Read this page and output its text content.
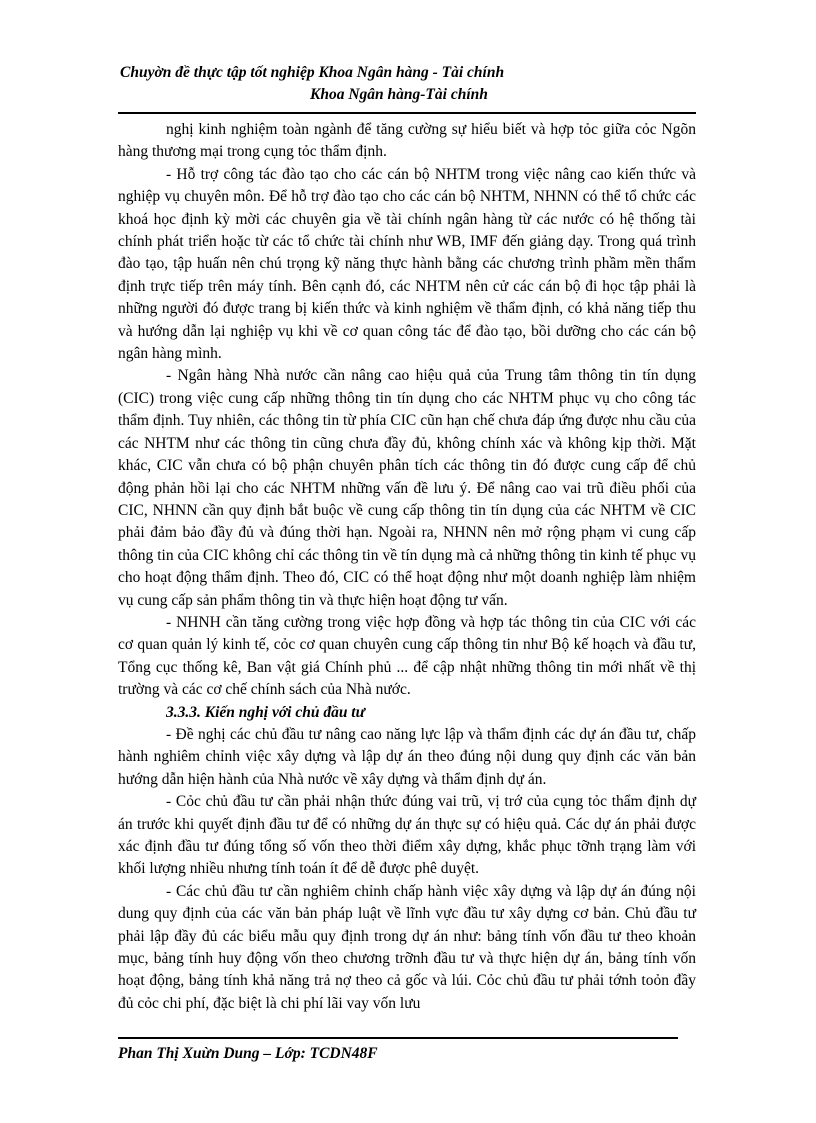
Chuyờn đề thực tập tốt nghiệp Khoa Ngân hàng - Tài chính
Khoa Ngân hàng-Tài chính

nghị kinh nghiệm toàn ngành để tăng cường sự hiểu biết và hợp tỏc giữa cỏc Ngõn hàng thương mại trong cụng tỏc thẩm định.

- Hỗ trợ công tác đào tạo cho các cán bộ NHTM trong việc nâng cao kiến thức và nghiệp vụ chuyên môn. Để hỗ trợ đào tạo cho các cán bộ NHTM, NHNN có thể tổ chức các khoá học định kỳ mời các chuyên gia về tài chính ngân hàng từ các nước có hệ thống tài chính phát triển hoặc từ các tổ chức tài chính như WB, IMF đến giảng dạy. Trong quá trình đào tạo, tập huấn nên chú trọng kỹ năng thực hành bằng các chương trình phầm mền thẩm định trực tiếp trên máy tính. Bên cạnh đó, các NHTM nên cử các cán bộ đi học tập phải là những người đó được trang bị kiến thức và kinh nghiệm về thẩm định, có khả năng tiếp thu và hướng dẫn lại nghiệp vụ khi về cơ quan công tác để đào tạo, bồi dưỡng cho các cán bộ ngân hàng mình.

- Ngân hàng Nhà nước cần nâng cao hiệu quả của Trung tâm thông tin tín dụng (CIC) trong việc cung cấp những thông tin tín dụng cho các NHTM phục vụ cho công tác thẩm định. Tuy nhiên, các thông tin từ phía CIC cũn hạn chế chưa đáp ứng được nhu cầu của các NHTM như các thông tin cũng chưa đầy đủ, không chính xác và không kịp thời. Mặt khác, CIC vẫn chưa có bộ phận chuyên phân tích các thông tin đó được cung cấp để chủ động phản hồi lại cho các NHTM những vấn đề lưu ý. Để nâng cao vai trũ điều phối của CIC, NHNN cần quy định bắt buộc về cung cấp thông tin tín dụng của các NHTM về CIC phải đảm bảo đầy đủ và đúng thời hạn. Ngoài ra, NHNN nên mở rộng phạm vi cung cấp thông tin của CIC không chỉ các thông tin về tín dụng mà cả những thông tin kinh tế phục vụ cho hoạt động thẩm định. Theo đó, CIC có thể hoạt động như một doanh nghiệp làm nhiệm vụ cung cấp sản phẩm thông tin và thực hiện hoạt động tư vấn.

- NHNH cần tăng cường trong việc hợp đồng và hợp tác thông tin của CIC với các cơ quan quản lý kinh tế, cỏc cơ quan chuyên cung cấp thông tin như Bộ kế hoạch và đầu tư, Tổng cục thống kê, Ban vật giá Chính phủ ... để cập nhật những thông tin mới nhất về thị trường và các cơ chế chính sách của Nhà nước.

3.3.3. Kiến nghị với chủ đầu tư

- Đề nghị các chủ đầu tư nâng cao năng lực lập và thẩm định các dự án đầu tư, chấp hành nghiêm chỉnh việc xây dựng và lập dự án theo đúng nội dung quy định các văn bản hướng dẫn hiện hành của Nhà nước về xây dựng và thẩm định dự án.

- Cỏc chủ đầu tư cần phải nhận thức đúng vai trũ, vị trớ của cụng tỏc thẩm định dự án trước khi quyết định đầu tư để có những dự án thực sự có hiệu quả. Các dự án phải được xác định đầu tư đúng tổng số vốn theo thời điểm xây dựng, khắc phục tỡnh trạng làm với khối lượng nhiều nhưng tính toán ít để dễ được phê duyệt.

- Các chủ đầu tư cần nghiêm chỉnh chấp hành việc xây dựng và lập dự án đúng nội dung quy định của các văn bản pháp luật về lĩnh vực đầu tư xây dựng cơ bản. Chủ đầu tư phải lập đầy đủ các biểu mẫu quy định trong dự án như: bảng tính vốn đầu tư theo khoản mục, bảng tính huy động vốn theo chương trỡnh đầu tư và thực hiện dự án, bảng tính vốn hoạt động, bảng tính khả năng trả nợ theo cả gốc và lúi. Cỏc chủ đầu tư phải tớnh toỏn đầy đủ cỏc chi phí, đặc biệt là chi phí lãi vay vốn lưu

Phan Thị Xuừn Dung – Lớp: TCDN48F
